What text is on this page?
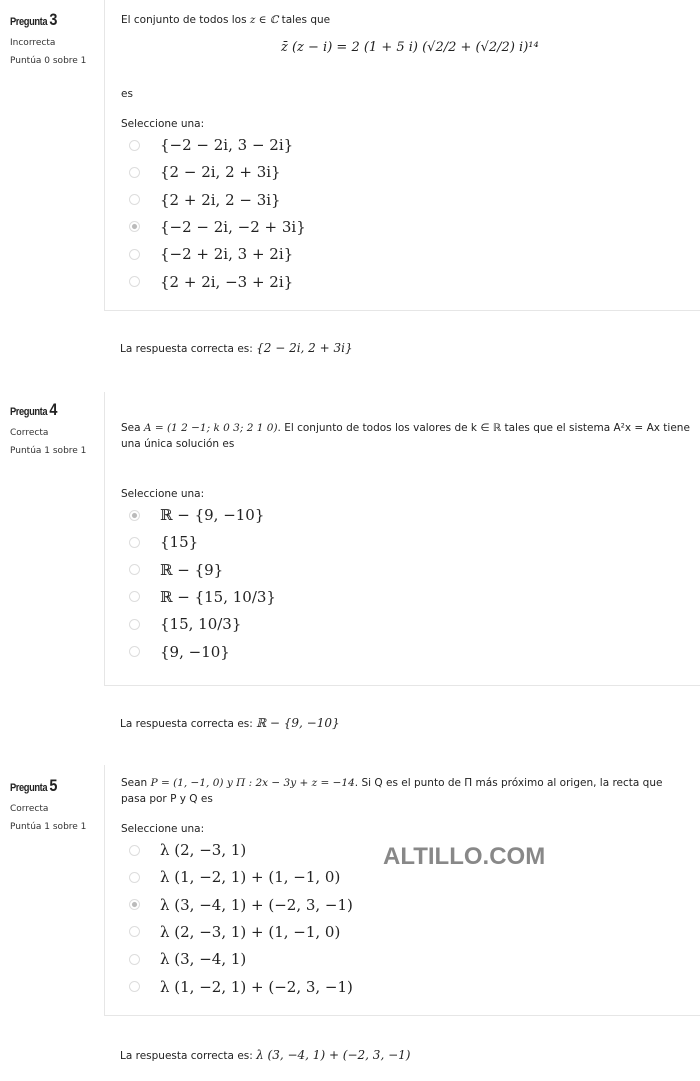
Pregunta 3
Incorrecta
Puntúa 0 sobre 1
El conjunto de todos los z ∈ ℂ tales que

z̄ (z − i) = 2 (1 + 5 i) (√2/2 + (√2/2) i)¹⁴
es
Seleccione una:
{−2 − 2i, 3 − 2i}
{2 − 2i, 2 + 3i}
{2 + 2i, 2 − 3i}
{−2 − 2i, −2 + 3i}
{−2 + 2i, 3 + 2i}
{2 + 2i, −3 + 2i}
La respuesta correcta es: {2 − 2i, 2 + 3i}
Pregunta 4
Correcta
Puntúa 1 sobre 1
Sea A = (1 2 −1; k 0 3; 2 1 0). El conjunto de todos los valores de k ∈ ℝ tales que el sistema A²x = Ax tiene
una única solución es
Seleccione una:
ℝ − {9, −10}
{15}
ℝ − {9}
ℝ − {15, 10/3}
{15, 10/3}
{9, −10}
La respuesta correcta es: ℝ − {9, −10}
Pregunta 5
Correcta
Puntúa 1 sobre 1
Sean P = (1, −1, 0) y Π : 2x − 3y + z = −14. Si Q es el punto de Π más próximo al origen, la recta que
pasa por P y Q es
Seleccione una:
λ (2, −3, 1)
λ (1, −2, 1) + (1, −1, 0)
λ (3, −4, 1) + (−2, 3, −1)
λ (2, −3, 1) + (1, −1, 0)
λ (3, −4, 1)
λ (1, −2, 1) + (−2, 3, −1)
La respuesta correcta es: λ (3, −4, 1) + (−2, 3, −1)
ALTILLO.COM
